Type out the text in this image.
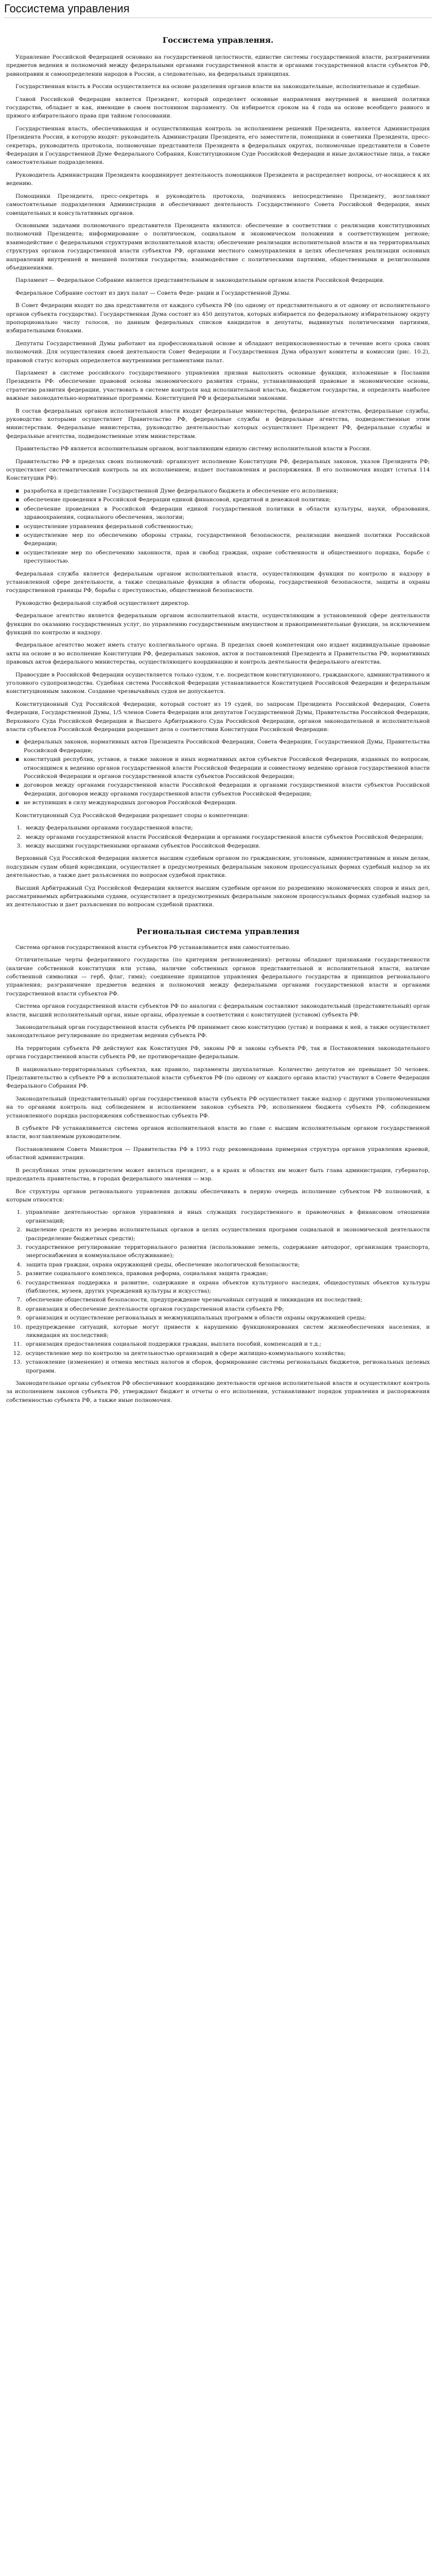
Госсистема управления
Госсистема управления.

Управление Российской Федерацией основано на государственной целостности, единстве системы государственной власти, разграничении предметов ведения и полномочий между федеральными органами государственной власти и органами государственной власти субъектов РФ, равноправии и самоопределении народов в России, а следовательно, на федеральных принципах.

Государственная власть в России осуществляется на основе разделения органов власти на законодательные, исполнительные и судебные.

Главой Российской Федерации является Президент, который определяет основные направления внутренней и внешней политики государства, обладает и как, имеющие в своем постоянном парламенту. Он избирается сроком на 4 года на основе всеобщего равного и прямого избирательного права при тайном голосовании.

Государственная власть, обеспечивающая и осуществляющая контроль за исполнением решений Президента, является Администрация Президента России, в которую входят: руководитель Администрации Президента, его заместители, помощники и советники Президента, пресс-секретарь, руководитель протокола, полномочные представители Президента в федеральных округах, полномочные представители в Совете Федерации и Государственной Думе Федерального Собрания, Конституционном Суде Российской Федерации и иные должностные лица, а также самостоятельные подразделения.

Руководитель Администрации Президента координирует деятельность помощников Президента и распределяет вопросы, от-носящиеся к их ведению.

Помощники Президента, пресс-секретарь и руководитель протокола, подчиняясь непосредственно Президенту, возглавляют самостоятельные подразделения Администрации и обеспечивают деятельность Государственного Совета Российской Федерации, иных совещательных и консультативных органов.

Основными задачами полномочного представителя Президента являются: обеспечение в соответствии с реализации конституционных полномочий Президента; информирование о политическом, социальном и экономическом положении в соответствующем регионе; взаимодействие с федеральными структурами исполнительной власти; обеспечение реализации исполнительной власти и на территориальных структурах органов государственной власти субъектов РФ, органами местного самоуправления в целях обеспечения реализации основных направлений внутренней и внешней политики государства; взаимодействие с политическими партиями, общественными и религиозными объединениями.

Парламент — Федеральное Собрание является представительным и законодательным органом власти Российской Федерации.

Федеральное Собрание состоит из двух палат — Совета Феде- рации и Государственной Думы.

В Совет Федерации входят по два представителя от каждого субъекта РФ (по одному от представительного и от одному от исполнительного органов субъекта государства). Государственная Дума состоит из 450 депутатов, которых избирается по федеральному избирательному округу пропорционально числу голосов, по данным федеральных списков кандидатов в депутаты, выдвинутых политическими партиями, избирательными блоками.

Депутаты Государственной Думы работают на профессиональной основе и обладают неприкосновенностью в течение всего срока своих полномочий. Для осуществления своей деятельности Совет Федерации и Государственная Дума образуют комитеты и комиссии (рис. 10.2), правовой статус которых определяется внутренними регламентами палат.

Парламент в системе российского государственного управления призван выполнять основные функции, изложенные в Послании Президента РФ: обеспечение правовой основы экономического развития страны, устанавливающей правовые и экономические основы, стратегию развития федерации, участвовать в системе контроля над исполнительной властью, бюджетом государства, и определять наиболее важные законодательно-нормативные программы. Конституцией РФ и федеральными законами.

В состав федеральных органов исполнительной власти входят федеральные министерства, федеральные агентства, федеральные службы, руководство которыми осуществляет Правительство РФ, федеральные службы и федеральные агентства, подведомственные этим министерствам. Федеральные министерства, руководство деятельностью которых осуществляет Президент РФ, федеральные службы и федеральные агентства, подведомственные этим министерствам.

Правительство РФ является исполнительным органом, возглавляющим единую систему исполнительной власти в России.

Правительство РФ в пределах своих полномочий: организует исполнение Конституции РФ, федеральных законов, указов Президента РФ; осуществляет систематический контроль за их исполнением; издает постановления и распоряжения. В его полномочия входит (статья 114 Конституции РФ):

▪ разработка и представление Государственной Думе федерального бюджета и обеспечение его исполнения;
▪ обеспечение проведения в Российской Федерации единой финансовой, кредитной и денежной политики;
▪ обеспечение проведения в Российской Федерации единой государственной политики в области культуры, науки, образования, здравоохранения, социального обеспечения, экологии;
▪ осуществление управления федеральной собственностью;
▪ осуществление мер по обеспечению обороны страны, государственной безопасности, реализации внешней политики Российской Федерации;
▪ осуществление мер по обеспечению законности, прав и свобод граждан, охране собственности и общественного порядка, борьбе с преступностью.

Федеральная служба является федеральным органом исполнительной власти, осуществляющим функции по контролю и надзору в установленной сфере деятельности, а также специальные функции в области обороны, государственной безопасности, защиты и охраны государственной границы РФ, борьбы с преступностью, общественной безопасности.

Руководство федеральной службой осуществляет директор.

Федеральное агентство является федеральным органом исполнительной власти, осуществляющим в установленной сфере деятельности функции по оказанию государственных услуг, по управлению государственным имуществом и правоприменительные функции, за исключением функций по контролю и надзору.

Федеральное агентство может иметь статус коллегиального органа. В пределах своей компетенции оно издает индивидуальные правовые акты на основе и во исполнение Конституции РФ, федеральных законов, актов и постановлений Президента и Правительства РФ, нормативных правовых актов федерального министерства, осуществляющего координацию и контроль деятельности федерального агентства.

Правосудие в Российской Федерации осуществляется только судом, т.е. посредством конституционного, гражданского, административного и уголовного судопроизводства. Судебная система Российской Федерации устанавливается Конституцией Российской Федерации и федеральным конституционным законом. Создание чрезвычайных судов не допускается.

Конституционный Суд Российской Федерации, который состоит из 19 судей, по запросам Президента Российской Федерации, Совета Федерации, Государственной Думы, 1/5 членов Совета Федерации или депутатов Государственной Думы, Правительства Российской Федерации, Верховного Суда Российской Федерации и Высшего Арбитражного Суда Российской Федерации, органов законодательной и исполнительной власти субъектов Российской Федерации разрешает дела о соответствии Конституции Российской Федерации:

▪ федеральных законов, нормативных актов Президента Российской Федерации, Совета Федерации, Государственной Думы, Правительства Российской Федерации;
▪ конституций республик, уставов, а также законов и иных нормативных актов субъектов Российской Федерации, изданных по вопросам, относящимся к ведению органов государственной власти Российской Федерации и совместному ведению органов государственной власти Российской Федерации и органов государственной власти субъектов Российской Федерации;
▪ договоров между органами государственной власти Российской Федерации и органами государственной власти субъектов Российской Федерации, договоров между органами государственной власти субъектов Российской Федерации;
▪ не вступивших в силу международных договоров Российской Федерации.

Конституционный Суд Российской Федерации разрешает споры о компетенции:

1. между федеральными органами государственной власти;
2. между органами государственной власти Российской Федерации и органами государственной власти субъектов Российской Федерации;
3. между высшими государственными органами субъектов Российской Федерации.

Верховный Суд Российской Федерации является высшим судебным органом по гражданским, уголовным, административным и иным делам, подсудным судам общей юрисдикции, осуществляет в предусмотренных федеральным законом процессуальных формах судебный надзор за их деятельностью, а также дает разъяснения по вопросам судебной практики.

Высший Арбитражный Суд Российской Федерации является высшим судебным органом по разрешению экономических споров и иных дел, рассматриваемых арбитражными судами, осуществляет в предусмотренных федеральным законом процессуальных формах судебный надзор за их деятельностью и дает разъяснения по вопросам судебной практики.

Региональная система управления

Система органов государственной власти субъектов РФ устанавливается ими самостоятельно.

Отличительные черты федеративного государства (по критериям регионоведения): регионы обладают признаками государственности (наличие собственной конституции или устава, наличие собственных органов представительной и исполнительной власти, наличие собственной символики — герб, флаг, гимн); соединение принципов управления федерального государства и принципов регионального управления; разграничение предметов ведения и полномочий между федеральными органами государственной власти и органами государственной власти субъектов РФ.

Система органов государственной власти субъектов РФ по аналогии с федеральным составляют законодательный (представительный) орган власти, высший исполнительный орган, иные органы, образуемые в соответствии с конституцией (уставом) субъекта РФ.

Законодательный орган государственной власти субъекта РФ принимает свою конституцию (устав) и поправки к ней, а также осуществляет законодательное регулирование по предметам ведения субъекта РФ.

На территории субъекта РФ действуют как Конституция РФ, законы РФ и законы субъекта РФ, так и Постановления законодательного органа государственной власти субъекта РФ, не противоречащие федеральным.

В национально-территориальных субъектах, как правило, парламенты двухпалатные. Количество депутатов не превышает 50 человек. Представительство в субъекте РФ в исполнительной власти субъектов РФ (по одному от каждого органа власти) участвуют в Совете Федерации Федерального Собрания РФ.

Законодательный (представительный) орган государственной власти субъекта РФ осуществляет также надзор с другими уполномоченными на то органами контроль над соблюдением и исполнением законов субъекта РФ, исполнением бюджета субъекта РФ, соблюдением установленного порядка распоряжения собственностью субъекта РФ.

В субъекте РФ устанавливается система органов исполнительной власти во главе с высшим исполнительным органом государственной власти, возглавляемым руководителем.

Постановлением Совета Министров — Правительства РФ в 1993 году рекомендована примерная структура органов управления краевой, областной администрации.

В республиках этим руководителем может являться президент, а в краях и областях им может быть глава администрации, губернатор, председатель правительства, в городах федерального значения — мэр.

Все структуры органов регионального управления должны обеспечивать в первую очередь исполнение субъектом РФ полномочий, к которым относятся:

1. управление деятельностью органов управления и иных служащих государственного и правомочных в финансовом отношении организаций;
2. выделение средств из резерва исполнительных органов в целях осуществления программ социальной и экономической деятельности (распределение бюджетных средств);
3. государственное регулирование территориального развития (использование земель, содержание автодорог, организация транспорта, энергоснабжения и коммунальное обслуживание);
4. защита прав граждан, охрана окружающей среды, обеспечение экологической безопасности;
5. развитие социального комплекса, правовая реформа, социальная защита граждан;
6. государственная поддержка и развитие, содержание и охрана объектов культурного наследия, общедоступных объектов культуры (библиотек, музеев, других учреждений культуры и искусства);
7. обеспечение общественной безопасности, предупреждение чрезвычайных ситуаций и ликвидация их последствий;
8. организация и обеспечение деятельности органов государственной власти субъекта РФ;
9. организация и осуществление региональных и межмуниципальных программ в области охраны окружающей среды;
10. предупреждение ситуаций, которые могут привести к нарушению функционирования систем жизнеобеспечения населения, и ликвидация их последствий;
11. организация предоставления социальной поддержки граждан, выплата пособий, компенсаций и т.д.;
12. осуществление мер по контролю за деятельностью организаций в сфере жилищно-коммунального хозяйства;
13. установление (изменение) и отмена местных налогов и сборов, формирование системы региональных бюджетов, региональных целевых программ.

Законодательные органы субъектов РФ обеспечивают координацию деятельности органов исполнительной власти и осуществляют контроль за исполнением законов субъекта РФ, утверждают бюджет и отчеты о его исполнении, устанавливают порядок управления и распоряжения собственностью субъекта РФ, а также иные полномочия.
